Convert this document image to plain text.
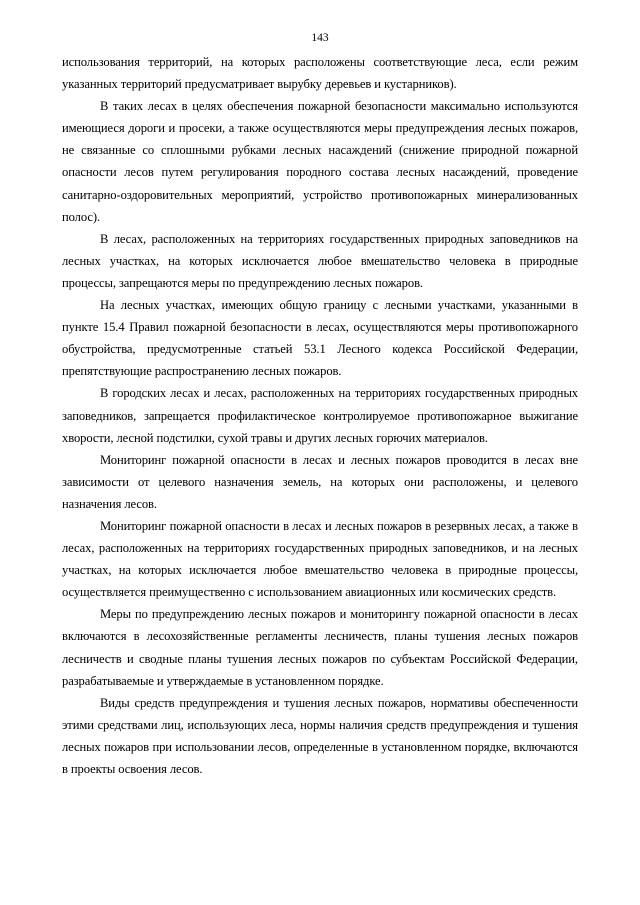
143

использования территорий, на которых расположены соответствующие леса, если режим указанных территорий предусматривает вырубку деревьев и кустарников).

В таких лесах в целях обеспечения пожарной безопасности максимально используются имеющиеся дороги и просеки, а также осуществляются меры предупреждения лесных пожаров, не связанные со сплошными рубками лесных насаждений (снижение природной пожарной опасности лесов путем регулирования породного состава лесных насаждений, проведение санитарно-оздоровительных мероприятий, устройство противопожарных минерализованных полос).

В лесах, расположенных на территориях государственных природных заповедников на лесных участках, на которых исключается любое вмешательство человека в природные процессы, запрещаются меры по предупреждению лесных пожаров.

На лесных участках, имеющих общую границу с лесными участками, указанными в пункте 15.4 Правил пожарной безопасности в лесах, осуществляются меры противопожарного обустройства, предусмотренные статьей 53.1 Лесного кодекса Российской Федерации, препятствующие распространению лесных пожаров.

В городских лесах и лесах, расположенных на территориях государственных природных заповедников, запрещается профилактическое контролируемое противопожарное выжигание хворости, лесной подстилки, сухой травы и других лесных горючих материалов.

Мониторинг пожарной опасности в лесах и лесных пожаров проводится в лесах вне зависимости от целевого назначения земель, на которых они расположены, и целевого назначения лесов.

Мониторинг пожарной опасности в лесах и лесных пожаров в резервных лесах, а также в лесах, расположенных на территориях государственных природных заповедников, и на лесных участках, на которых исключается любое вмешательство человека в природные процессы, осуществляется преимущественно с использованием авиационных или космических средств.

Меры по предупреждению лесных пожаров и мониторингу пожарной опасности в лесах включаются в лесохозяйственные регламенты лесничеств, планы тушения лесных пожаров лесничеств и сводные планы тушения лесных пожаров по субъектам Российской Федерации, разрабатываемые и утверждаемые в установленном порядке.

Виды средств предупреждения и тушения лесных пожаров, нормативы обеспеченности этими средствами лиц, использующих леса, нормы наличия средств предупреждения и тушения лесных пожаров при использовании лесов, определенные в установленном порядке, включаются в проекты освоения лесов.
